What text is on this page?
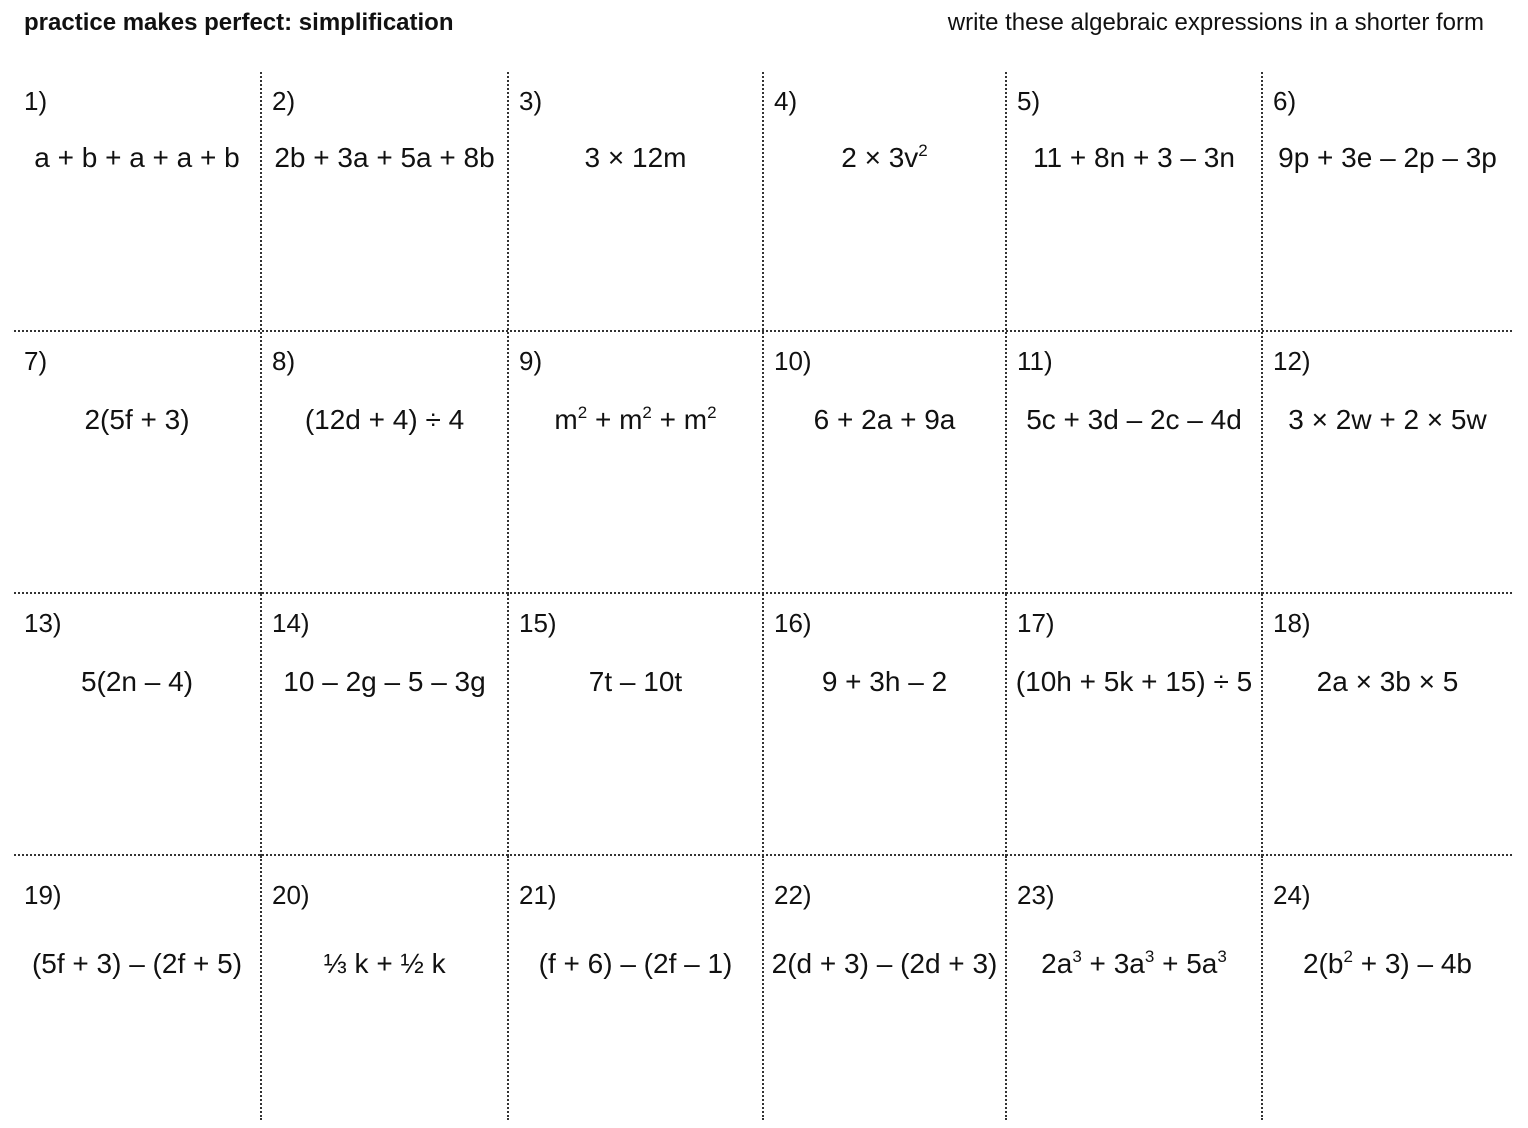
practice makes perfect: simplification	write these algebraic expressions in a shorter form
1)
a + b + a + a + b
2)
2b + 3a + 5a + 8b
3)
3 × 12m
4)
$2 \times 3v^2$
5)
11 + 8n + 3 – 3n
6)
9p + 3e – 2p – 3p
7)
2(5f + 3)
8)
(12d + 4) ÷ 4
9)
$m^2 + m^2 + m^2$
10)
6 + 2a + 9a
11)
5c + 3d – 2c – 4d
12)
3 × 2w + 2 × 5w
13)
5(2n – 4)
14)
10 – 2g – 5 – 3g
15)
7t – 10t
16)
9 + 3h – 2
17)
(10h + 5k + 15) ÷ 5
18)
2a × 3b × 5
19)
(5f + 3) – (2f + 5)
20)
⅓ k + ½ k
21)
(f + 6) – (2f – 1)
22)
2(d + 3) – (2d + 3)
23)
$2a^3 + 3a^3 + 5a^3$
24)
$2(b^2 + 3) - 4b$
